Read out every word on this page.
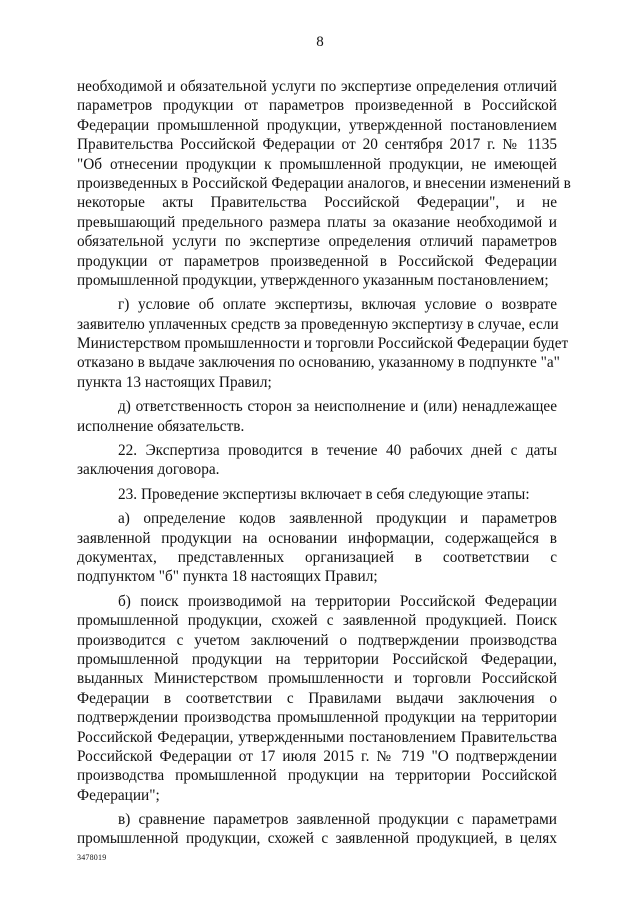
8
необходимой и обязательной услуги по экспертизе определения отличий
параметров продукции от параметров произведенной в Российской
Федерации промышленной продукции, утвержденной постановлением
Правительства Российской Федерации от 20 сентября 2017 г. № 1135
"Об отнесении продукции к промышленной продукции, не имеющей
произведенных в Российской Федерации аналогов, и внесении изменений в
некоторые акты Правительства Российской Федерации", и не
превышающий предельного размера платы за оказание необходимой и
обязательной услуги по экспертизе определения отличий параметров
продукции от параметров произведенной в Российской Федерации
промышленной продукции, утвержденного указанным постановлением;
г) условие об оплате экспертизы, включая условие о возврате
заявителю уплаченных средств за проведенную экспертизу в случае, если
Министерством промышленности и торговли Российской Федерации будет
отказано в выдаче заключения по основанию, указанному в подпункте "а"
пункта 13 настоящих Правил;
д) ответственность сторон за неисполнение и (или) ненадлежащее
исполнение обязательств.
22. Экспертиза проводится в течение 40 рабочих дней с даты
заключения договора.
23. Проведение экспертизы включает в себя следующие этапы:
а) определение кодов заявленной продукции и параметров
заявленной продукции на основании информации, содержащейся в
документах, представленных организацией в соответствии с
подпунктом "б" пункта 18 настоящих Правил;
б) поиск производимой на территории Российской Федерации
промышленной продукции, схожей с заявленной продукцией. Поиск
производится с учетом заключений о подтверждении производства
промышленной продукции на территории Российской Федерации,
выданных Министерством промышленности и торговли Российской
Федерации в соответствии с Правилами выдачи заключения о
подтверждении производства промышленной продукции на территории
Российской Федерации, утвержденными постановлением Правительства
Российской Федерации от 17 июля 2015 г. № 719 "О подтверждении
производства промышленной продукции на территории Российской
Федерации";
в) сравнение параметров заявленной продукции с параметрами
промышленной продукции, схожей с заявленной продукцией, в целях
3478019
